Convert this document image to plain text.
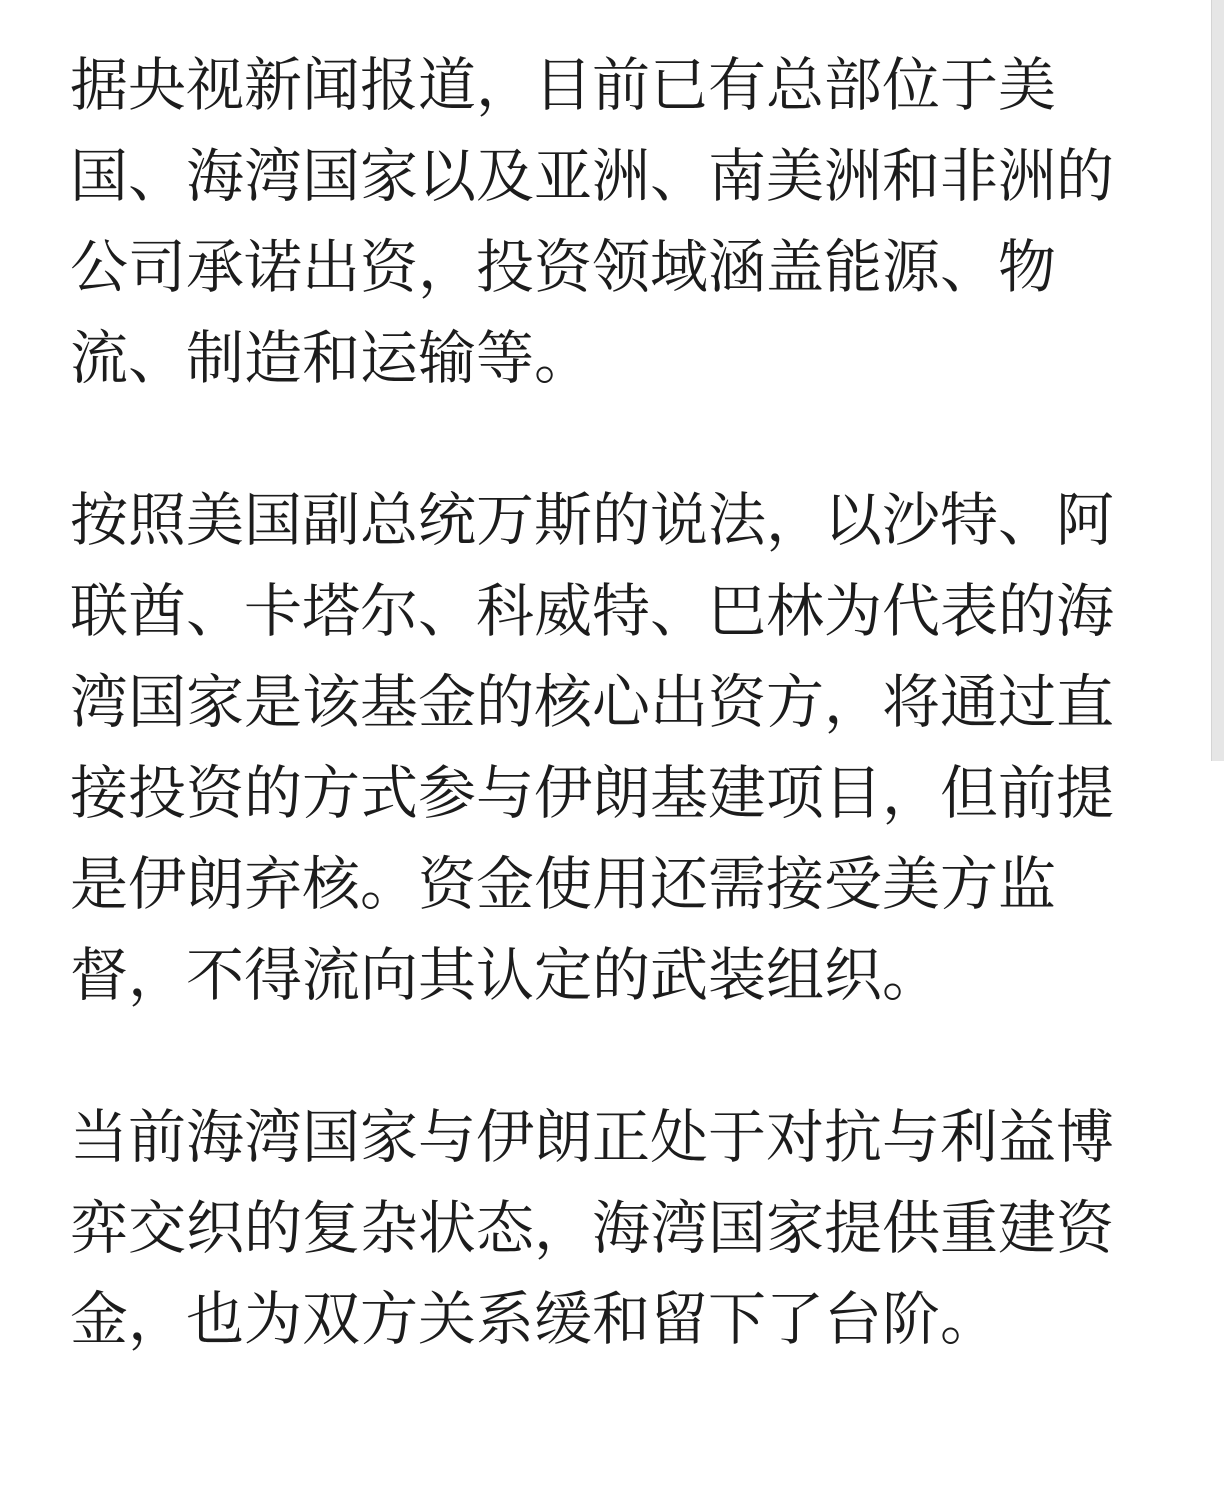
据央视新闻报道，目前已有总部位于美
国、海湾国家以及亚洲、南美洲和非洲的
公司承诺出资，投资领域涵盖能源、物
流、制造和运输等。

按照美国副总统万斯的说法，以沙特、阿
联酋、卡塔尔、科威特、巴林为代表的海
湾国家是该基金的核心出资方，将通过直
接投资的方式参与伊朗基建项目，但前提
是伊朗弃核。资金使用还需接受美方监
督，不得流向其认定的武装组织。

当前海湾国家与伊朗正处于对抗与利益博
弈交织的复杂状态，海湾国家提供重建资
金，也为双方关系缓和留下了台阶。
